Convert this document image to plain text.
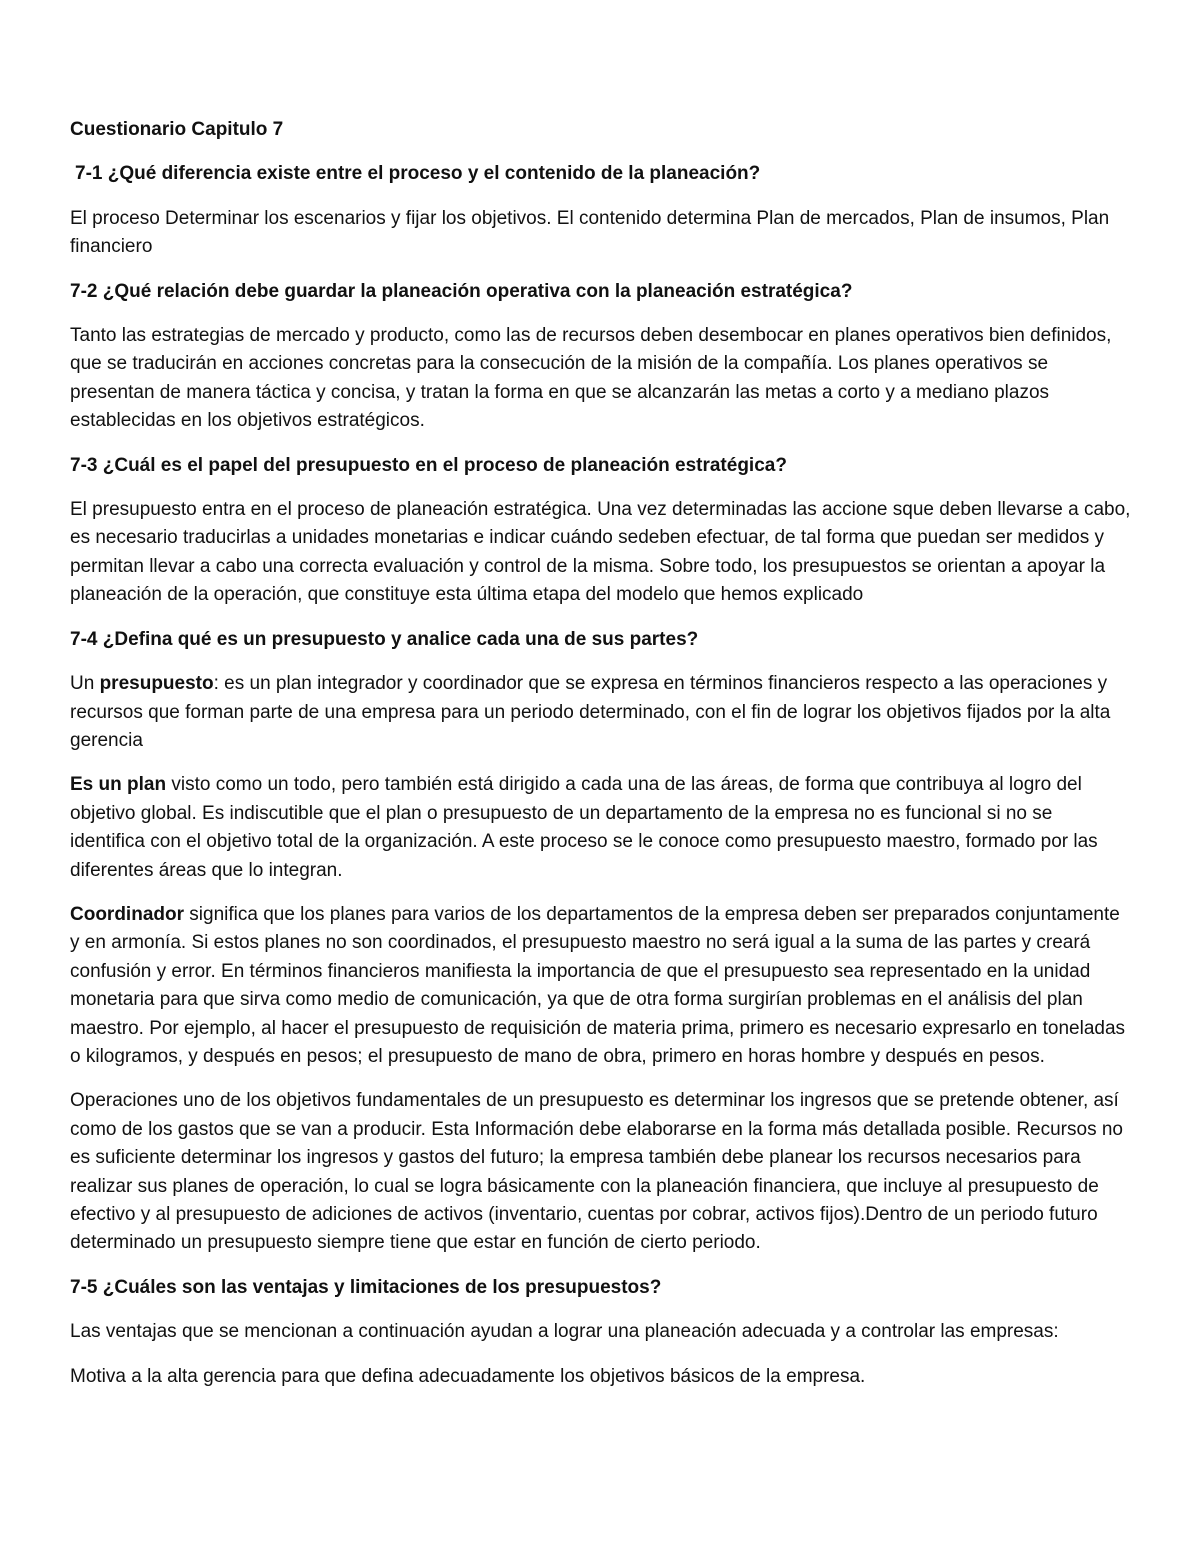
Cuestionario Capitulo 7

7-1 ¿Qué diferencia existe entre el proceso y el contenido de la planeación?

El proceso Determinar los escenarios y fijar los objetivos. El contenido determina Plan de mercados, Plan de insumos, Plan financiero

7-2 ¿Qué relación debe guardar la planeación operativa con la planeación estratégica?

Tanto las estrategias de mercado y producto, como las de recursos deben desembocar en planes operativos bien definidos, que se traducirán en acciones concretas para la consecución de la misión de la compañía. Los planes operativos se presentan de manera táctica y concisa, y tratan la forma en que se alcanzarán las metas a corto y a mediano plazos establecidas en los objetivos estratégicos.

7-3 ¿Cuál es el papel del presupuesto en el proceso de planeación estratégica?

El presupuesto entra en el proceso de planeación estratégica. Una vez determinadas las accione sque deben llevarse a cabo, es necesario traducirlas a unidades monetarias e indicar cuándo sedeben efectuar, de tal forma que puedan ser medidos y permitan llevar a cabo una correcta evaluación y control de la misma. Sobre todo, los presupuestos se orientan a apoyar la planeación de la operación, que constituye esta última etapa del modelo que hemos explicado

7-4 ¿Defina qué es un presupuesto y analice cada una de sus partes?

Un presupuesto: es un plan integrador y coordinador que se expresa en términos financieros respecto a las operaciones y recursos que forman parte de una empresa para un periodo determinado, con el fin de lograr los objetivos fijados por la alta gerencia

Es un plan visto como un todo, pero también está dirigido a cada una de las áreas, de forma que contribuya al logro del objetivo global. Es indiscutible que el plan o presupuesto de un departamento de la empresa no es funcional si no se identifica con el objetivo total de la organización. A este proceso se le conoce como presupuesto maestro, formado por las diferentes áreas que lo integran.

Coordinador significa que los planes para varios de los departamentos de la empresa deben ser preparados conjuntamente y en armonía. Si estos planes no son coordinados, el presupuesto maestro no será igual a la suma de las partes y creará confusión y error. En términos financieros manifiesta la importancia de que el presupuesto sea representado en la unidad monetaria para que sirva como medio de comunicación, ya que de otra forma surgirían problemas en el análisis del plan maestro. Por ejemplo, al hacer el presupuesto de requisición de materia prima, primero es necesario expresarlo en toneladas o kilogramos, y después en pesos; el presupuesto de mano de obra, primero en horas hombre y después en pesos.

Operaciones uno de los objetivos fundamentales de un presupuesto es determinar los ingresos que se pretende obtener, así como de los gastos que se van a producir. Esta Información debe elaborarse en la forma más detallada posible. Recursos no es suficiente determinar los ingresos y gastos del futuro; la empresa también debe planear los recursos necesarios para realizar sus planes de operación, lo cual se logra básicamente con la planeación financiera, que incluye al presupuesto de efectivo y al presupuesto de adiciones de activos (inventario, cuentas por cobrar, activos fijos).Dentro de un periodo futuro determinado un presupuesto siempre tiene que estar en función de cierto periodo.

7-5 ¿Cuáles son las ventajas y limitaciones de los presupuestos?

Las ventajas que se mencionan a continuación ayudan a lograr una planeación adecuada y a controlar las empresas:

Motiva a la alta gerencia para que defina adecuadamente los objetivos básicos de la empresa.
